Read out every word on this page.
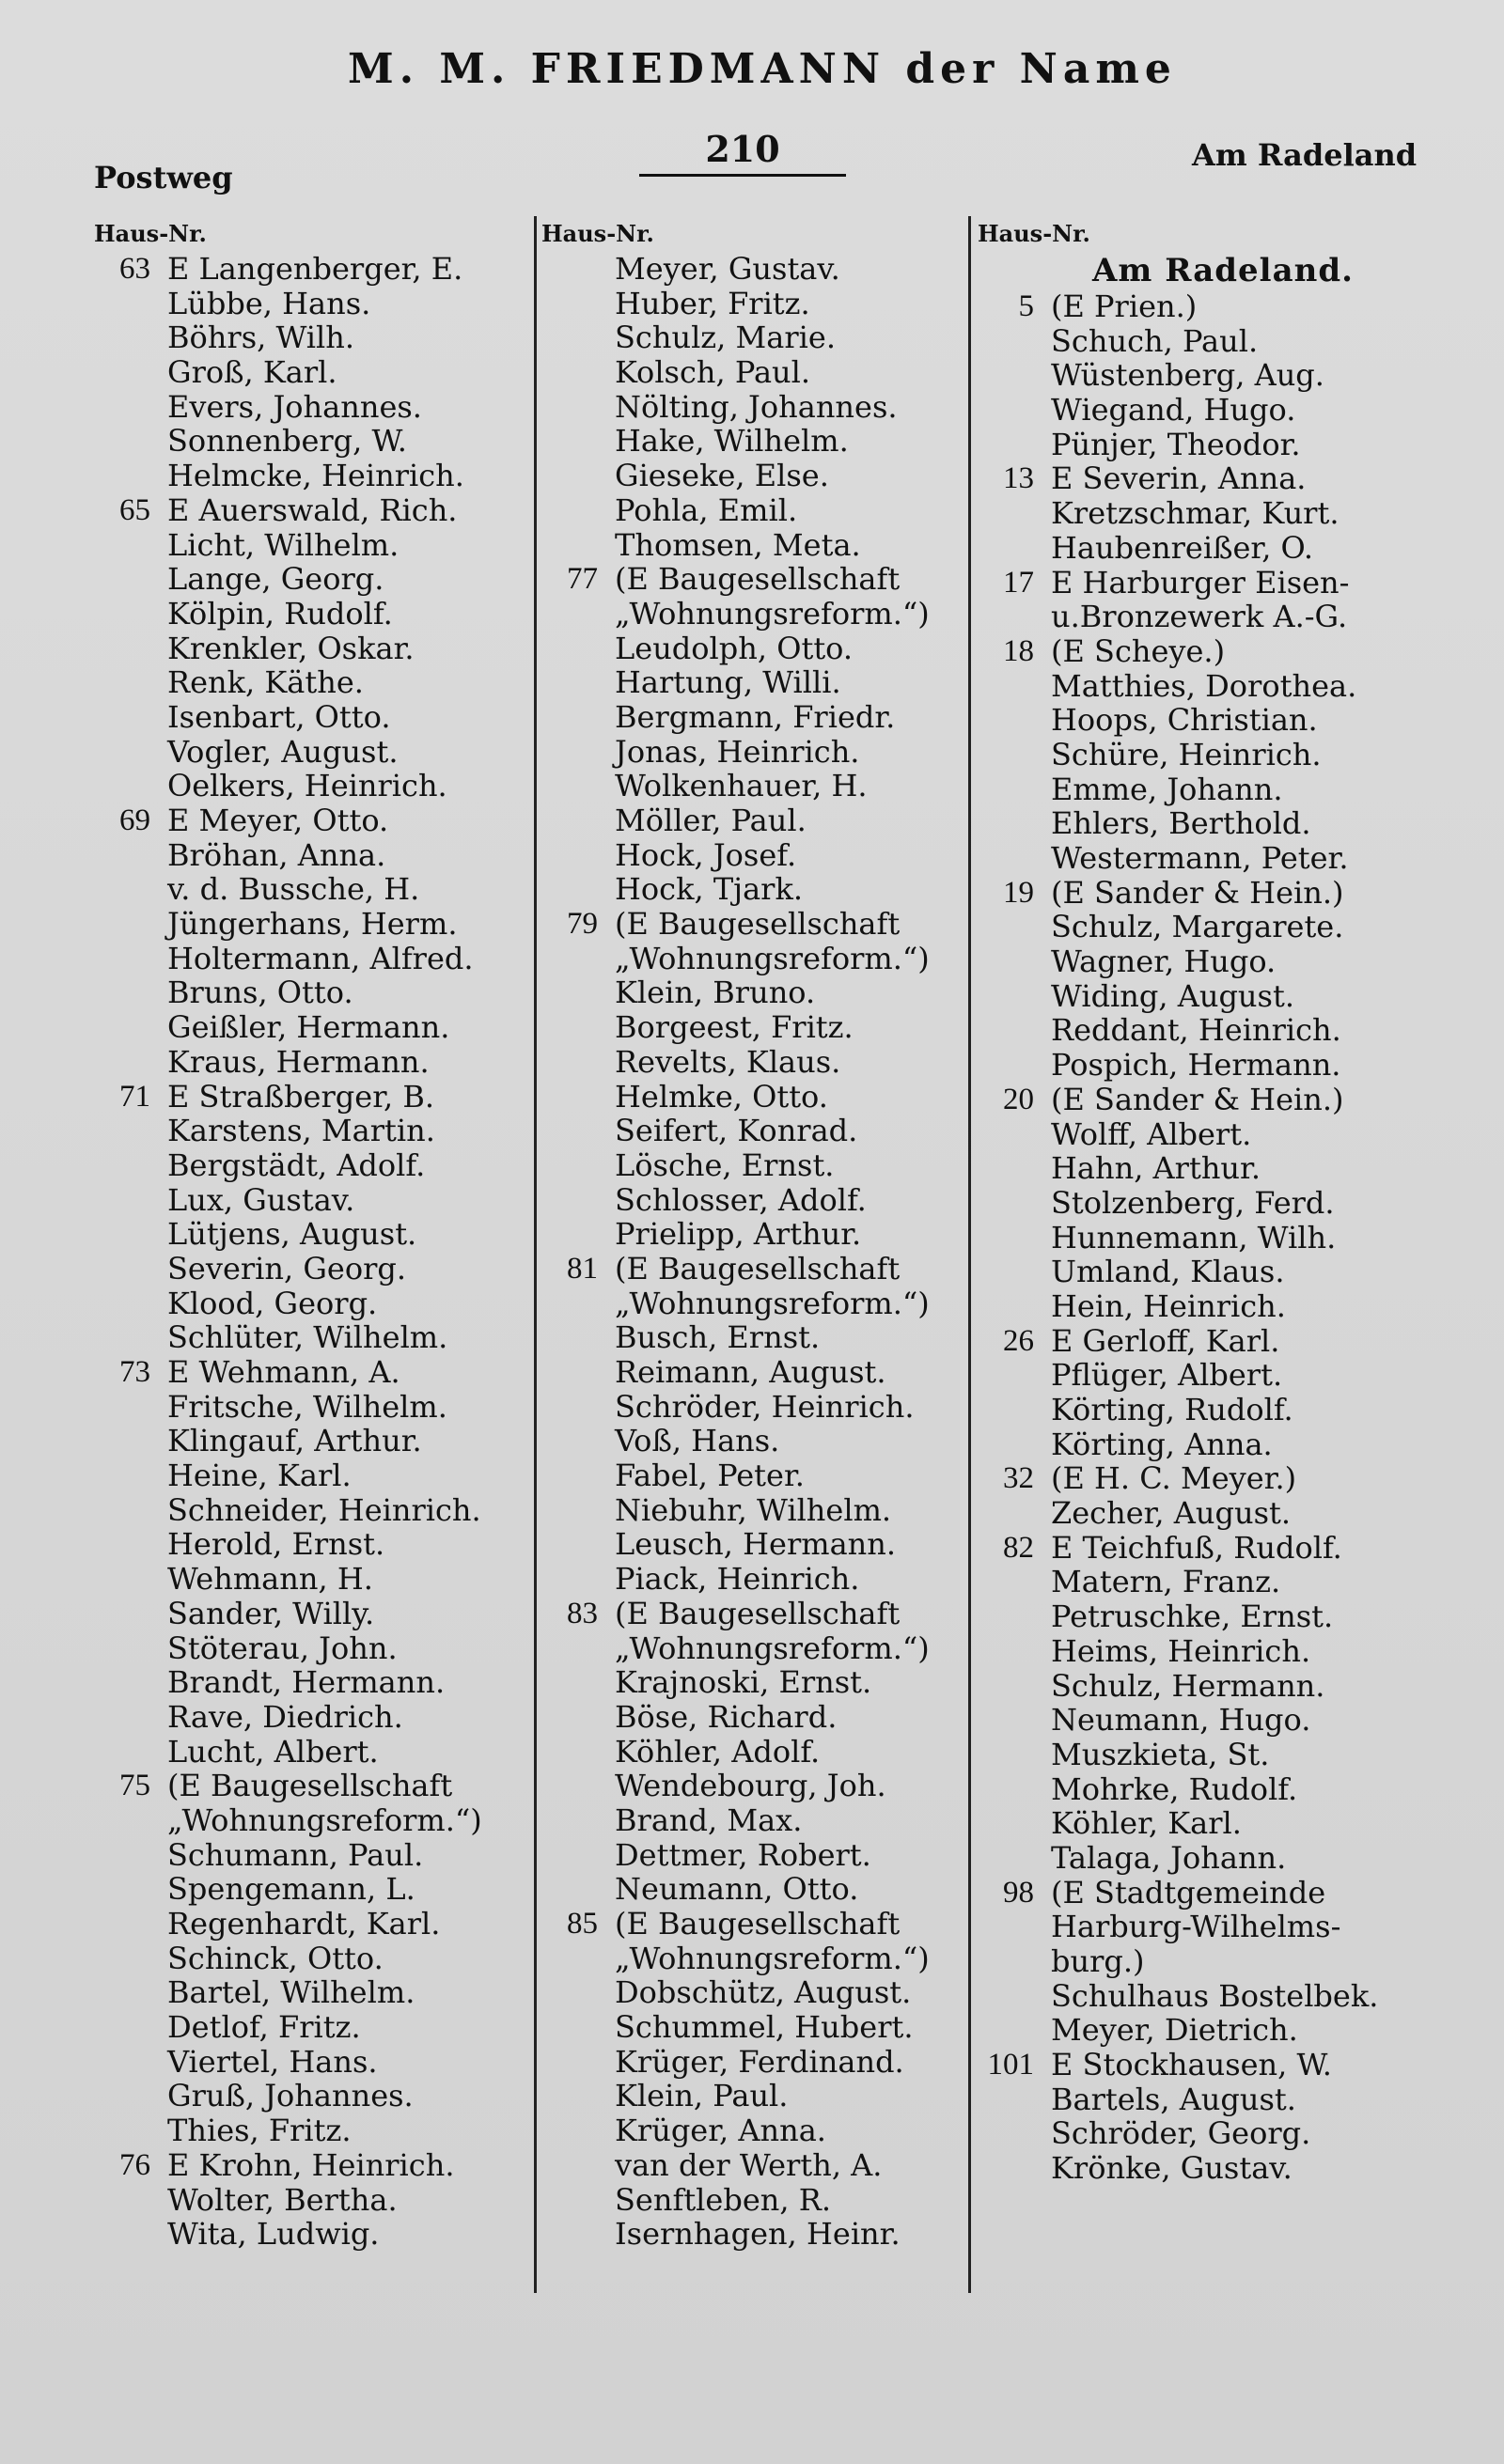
M. M. FRIEDMANN der Name
210
Postweg
Am Radeland
Haus-Nr.
63 E Langenberger, E.
Lübbe, Hans.
Böhrs, Wilh.
Groß, Karl.
Evers, Johannes.
Sonnenberg, W.
Helmcke, Heinrich.
65 E Auerswald, Rich.
Licht, Wilhelm.
Lange, Georg.
Kölpin, Rudolf.
Krenkler, Oskar.
Renk, Käthe.
Isenbart, Otto.
Vogler, August.
Oelkers, Heinrich.
69 E Meyer, Otto.
Bröhan, Anna.
v. d. Bussche, H.
Jüngerhans, Herm.
Holtermann, Alfred.
Bruns, Otto.
Geißler, Hermann.
Kraus, Hermann.
71 E Straßberger, B.
Karstens, Martin.
Bergstädt, Adolf.
Lux, Gustav.
Lütjens, August.
Severin, Georg.
Klood, Georg.
Schlüter, Wilhelm.
73 E Wehmann, A.
Fritsche, Wilhelm.
Klingauf, Arthur.
Heine, Karl.
Schneider, Heinrich.
Herold, Ernst.
Wehmann, H.
Sander, Willy.
Stöterau, John.
Brandt, Hermann.
Rave, Diedrich.
Lucht, Albert.
75 (E Baugesellschaft
„Wohnungsreform.“)
Schumann, Paul.
Spengemann, L.
Regenhardt, Karl.
Schinck, Otto.
Bartel, Wilhelm.
Detlof, Fritz.
Viertel, Hans.
Gruß, Johannes.
Thies, Fritz.
76 E Krohn, Heinrich.
Wolter, Bertha.
Wita, Ludwig.
Haus-Nr.
Meyer, Gustav.
Huber, Fritz.
Schulz, Marie.
Kolsch, Paul.
Nölting, Johannes.
Hake, Wilhelm.
Gieseke, Else.
Pohla, Emil.
Thomsen, Meta.
77 (E Baugesellschaft
„Wohnungsreform.“)
Leudolph, Otto.
Hartung, Willi.
Bergmann, Friedr.
Jonas, Heinrich.
Wolkenhauer, H.
Möller, Paul.
Hock, Josef.
Hock, Tjark.
79 (E Baugesellschaft
„Wohnungsreform.“)
Klein, Bruno.
Borgeest, Fritz.
Revelts, Klaus.
Helmke, Otto.
Seifert, Konrad.
Lösche, Ernst.
Schlosser, Adolf.
Prielipp, Arthur.
81 (E Baugesellschaft
„Wohnungsreform.“)
Busch, Ernst.
Reimann, August.
Schröder, Heinrich.
Voß, Hans.
Fabel, Peter.
Niebuhr, Wilhelm.
Leusch, Hermann.
Piack, Heinrich.
83 (E Baugesellschaft
„Wohnungsreform.“)
Krajnoski, Ernst.
Böse, Richard.
Köhler, Adolf.
Wendebourg, Joh.
Brand, Max.
Dettmer, Robert.
Neumann, Otto.
85 (E Baugesellschaft
„Wohnungsreform.“)
Dobschütz, August.
Schummel, Hubert.
Krüger, Ferdinand.
Klein, Paul.
Krüger, Anna.
van der Werth, A.
Senftleben, R.
Isernhagen, Heinr.
Haus-Nr.
Am Radeland.
5 (E Prien.)
Schuch, Paul.
Wüstenberg, Aug.
Wiegand, Hugo.
Pünjer, Theodor.
13 E Severin, Anna.
Kretzschmar, Kurt.
Haubenreißer, O.
17 E Harburger Eisen-
u.Bronzewerk A.-G.
18 (E Scheye.)
Matthies, Dorothea.
Hoops, Christian.
Schüre, Heinrich.
Emme, Johann.
Ehlers, Berthold.
Westermann, Peter.
19 (E Sander & Hein.)
Schulz, Margarete.
Wagner, Hugo.
Widing, August.
Reddant, Heinrich.
Pospich, Hermann.
20 (E Sander & Hein.)
Wolff, Albert.
Hahn, Arthur.
Stolzenberg, Ferd.
Hunnemann, Wilh.
Umland, Klaus.
Hein, Heinrich.
26 E Gerloff, Karl.
Pflüger, Albert.
Körting, Rudolf.
Körting, Anna.
32 (E H. C. Meyer.)
Zecher, August.
82 E Teichfuß, Rudolf.
Matern, Franz.
Petruschke, Ernst.
Heims, Heinrich.
Schulz, Hermann.
Neumann, Hugo.
Muszkieta, St.
Mohrke, Rudolf.
Köhler, Karl.
Talaga, Johann.
98 (E Stadtgemeinde
Harburg-Wilhelms-
burg.)
Schulhaus Bostelbek.
Meyer, Dietrich.
101 E Stockhausen, W.
Bartels, August.
Schröder, Georg.
Krönke, Gustav.
